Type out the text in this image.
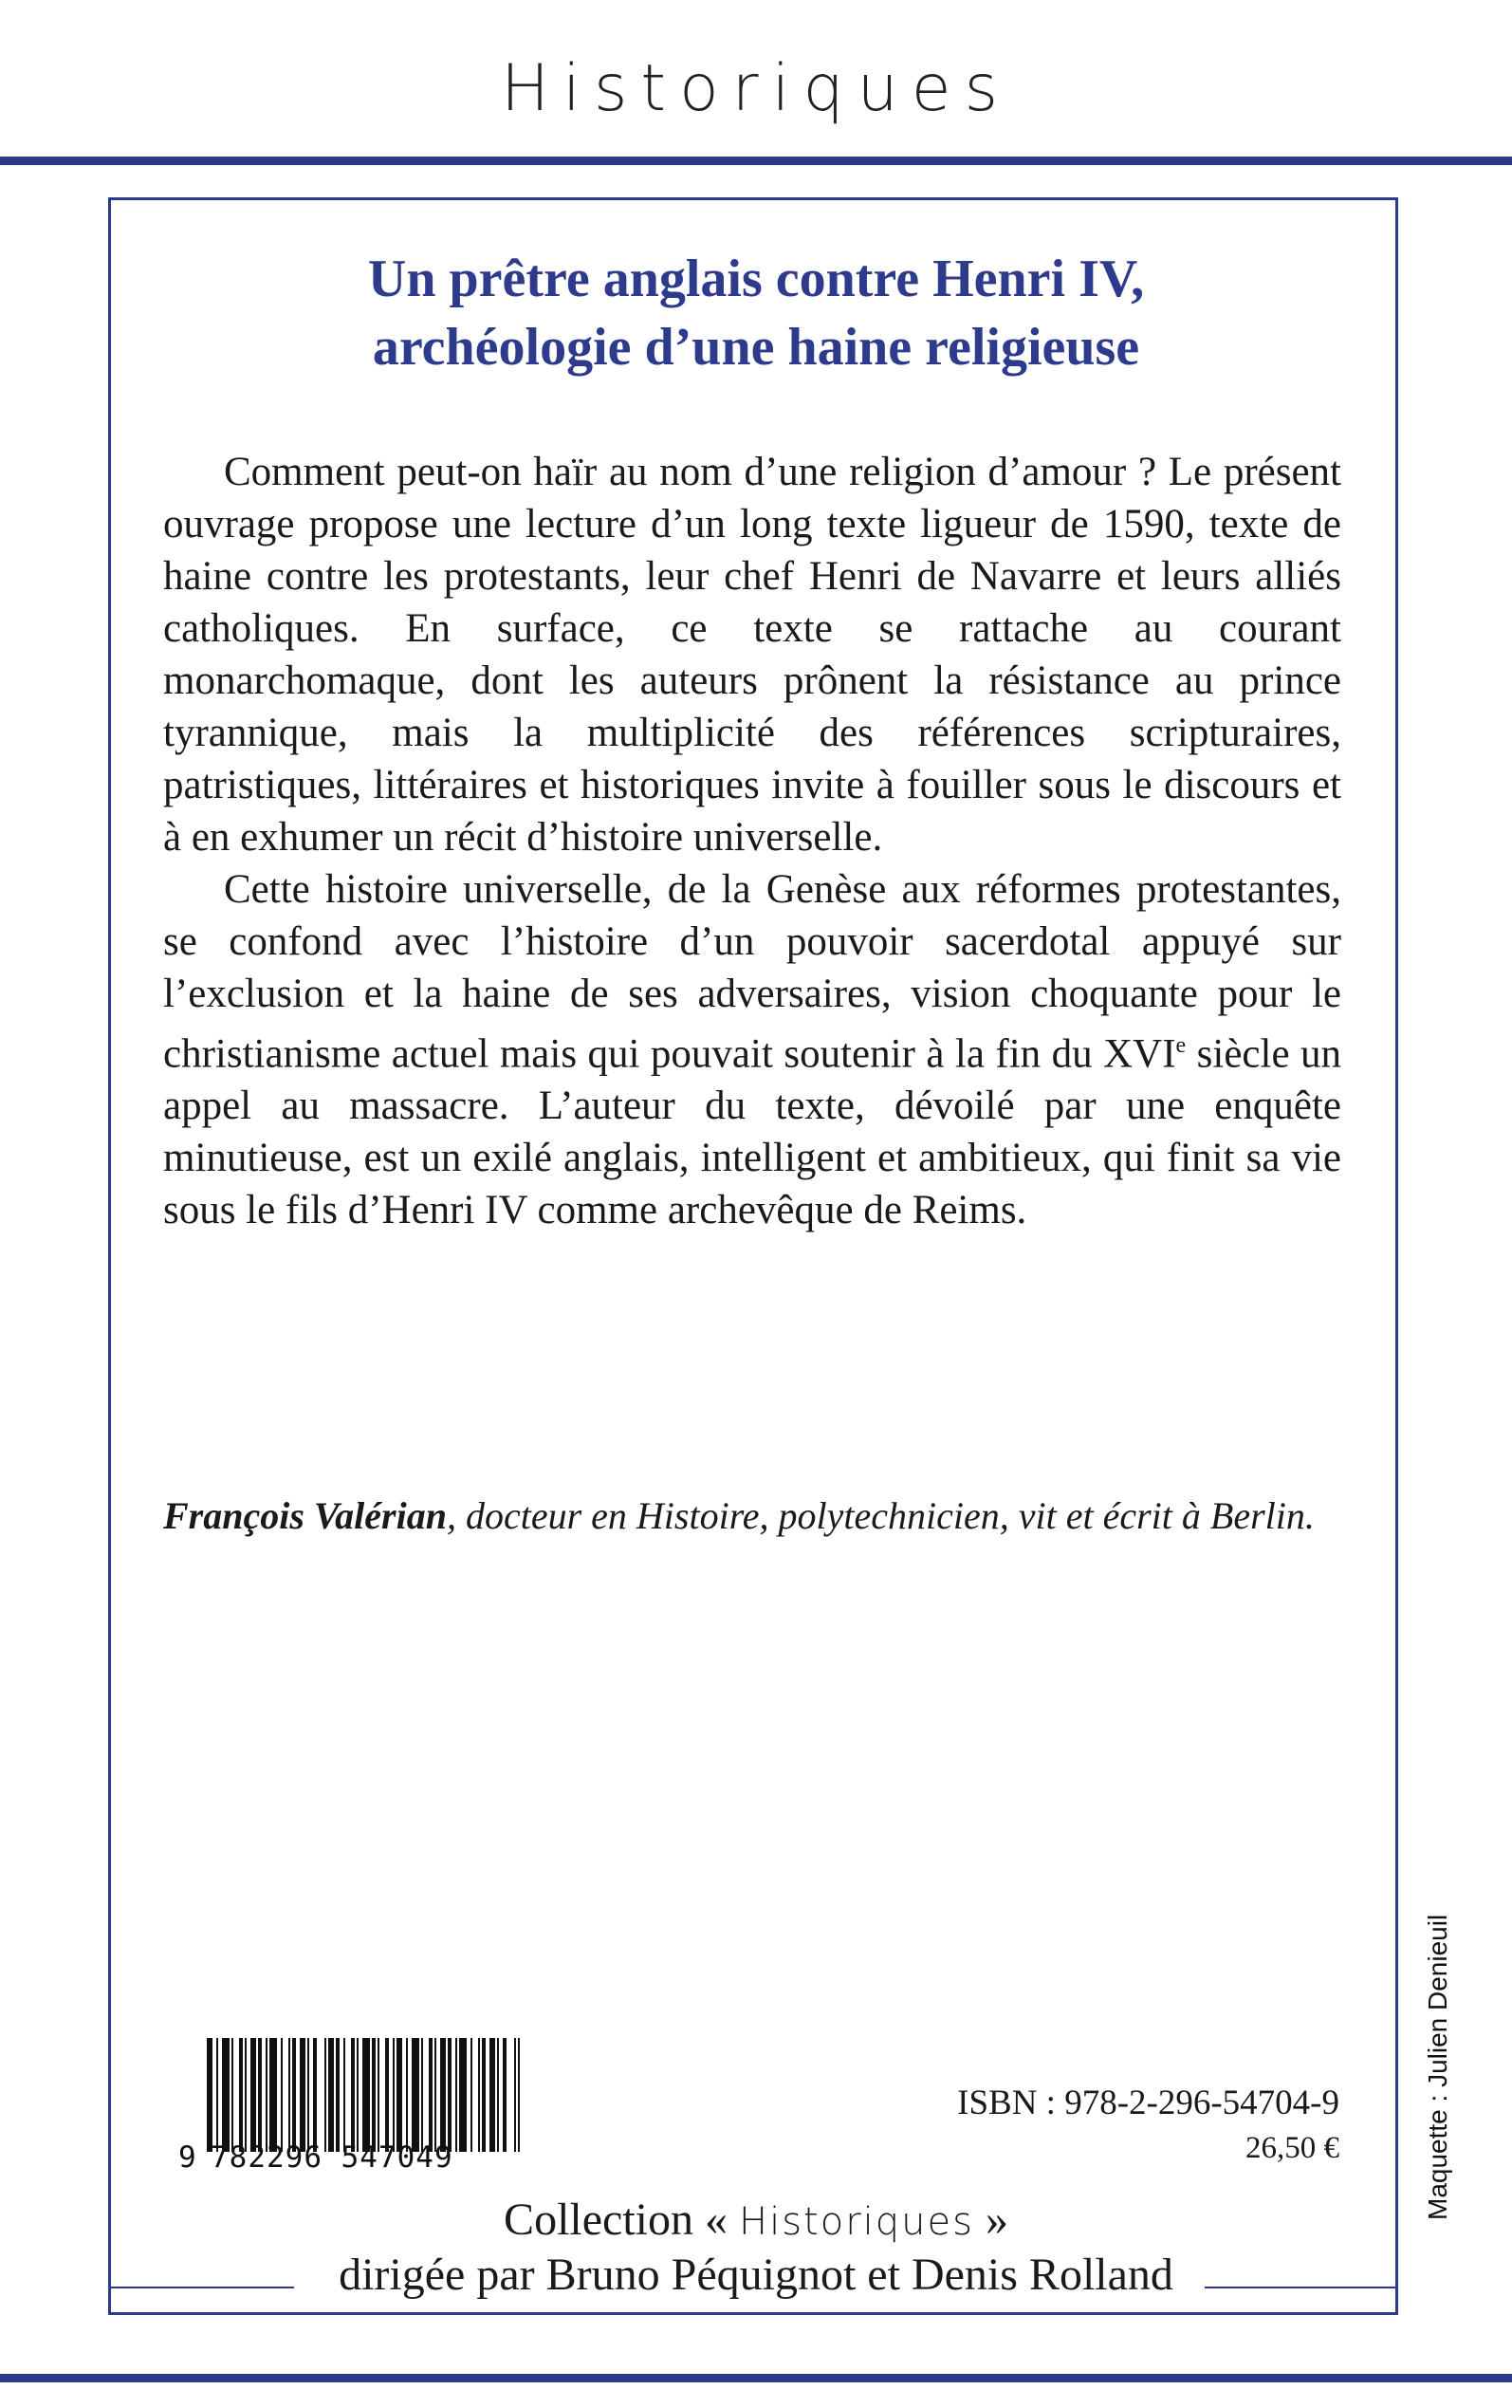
Historiques
Un prêtre anglais contre Henri IV,
archéologie d’une haine religieuse

Comment peut-on haïr au nom d’une religion d’amour ? Le présent ouvrage propose une lecture d’un long texte ligueur de 1590, texte de haine contre les protestants, leur chef Henri de Navarre et leurs alliés catholiques. En surface, ce texte se rattache au courant monarchomaque, dont les auteurs prônent la résistance au prince tyrannique, mais la multiplicité des références scripturaires, patristiques, littéraires et historiques invite à fouiller sous le discours et à en exhumer un récit d’histoire universelle.

Cette histoire universelle, de la Genèse aux réformes protestantes, se confond avec l’histoire d’un pouvoir sacerdotal appuyé sur l’exclusion et la haine de ses adversaires, vision choquante pour le christianisme actuel mais qui pouvait soutenir à la fin du XVIe siècle un appel au massacre. L’auteur du texte, dévoilé par une enquête minutieuse, est un exilé anglais, intelligent et ambitieux, qui finit sa vie sous le fils d’Henri IV comme archevêque de Reims.

François Valérian, docteur en Histoire, polytechnicien, vit et écrit à Berlin.
9 782296 547049
ISBN : 978-2-296-54704-9
26,50 €
Collection « Historiques »
dirigée par Bruno Péquignot et Denis Rolland
Maquette : Julien Denieuil
